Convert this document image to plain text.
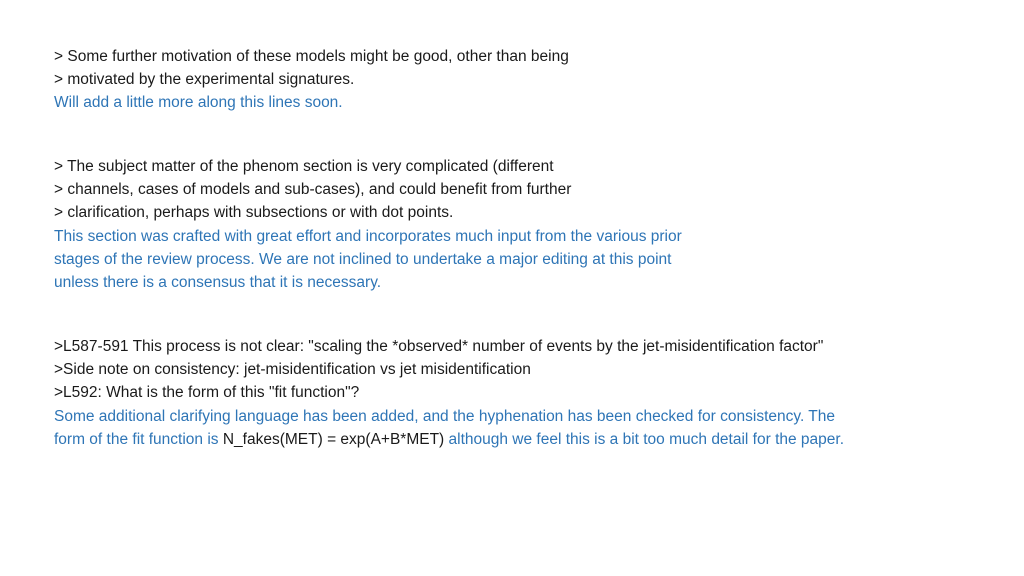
> Some further motivation of these models might be good, other than being
> motivated by the experimental signatures.
Will add a little more along this lines soon.
> The subject matter of the phenom section is very complicated (different
> channels, cases of models and sub-cases), and could benefit from further
> clarification, perhaps with subsections or with dot points.
This section was crafted with great effort and incorporates much input from the various prior
stages of the review process. We are not inclined to undertake a major editing at this point
unless there is a consensus that it is necessary.
>L587-591 This process is not clear: "scaling the *observed* number of events by the jet-misidentification factor"
>Side note on consistency: jet-misidentification vs jet misidentification
>L592: What is the form of this "fit function"?
Some additional clarifying language has been added, and the hyphenation has been checked for consistency. The
form of the fit function is N_fakes(MET) = exp(A+B*MET) although we feel this is a bit too much detail for the paper.
